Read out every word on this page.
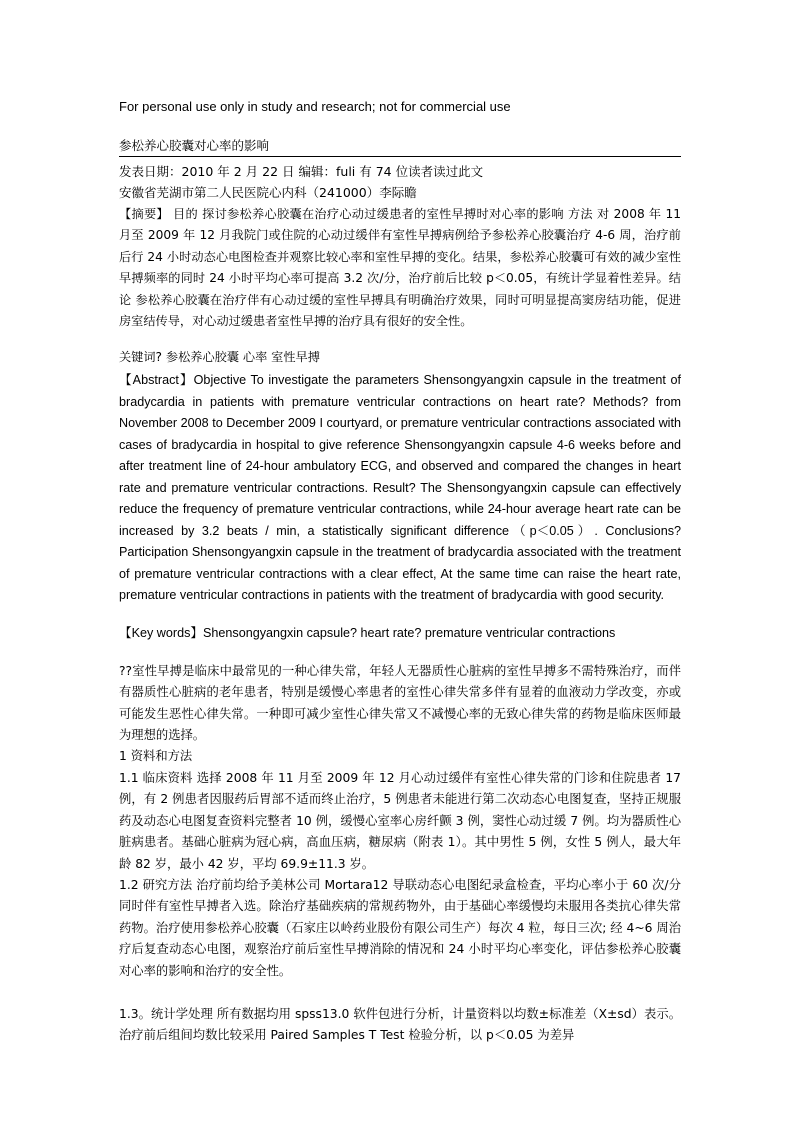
For personal use only in study and research; not for commercial use
参松养心胶囊对心率的影响
发表日期：2010 年 2 月 22 日 编辑：fuli 有 74 位读者读过此文
安徽省芜湖市第二人民医院心内科（241000）李际瞻
【摘要】 目的 探讨参松养心胶囊在治疗心动过缓患者的室性早搏时对心率的影响 方法 对 2008 年 11 月至 2009 年 12 月我院门或住院的心动过缓伴有室性早搏病例给予参松养心胶囊治疗 4-6 周，治疗前后行 24 小时动态心电图检查并观察比较心率和室性早搏的变化。结果，参松养心胶囊可有效的减少室性早搏频率的同时 24 小时平均心率可提高 3.2 次/分，治疗前后比较 p＜0.05，有统计学显着性差异。结论 参松养心胶囊在治疗伴有心动过缓的室性早搏具有明确治疗效果，同时可明显提高窦房结功能，促进房室结传导，对心动过缓患者室性早搏的治疗具有很好的安全性。
关键词? 参松养心胶囊 心率 室性早搏
【Abstract】Objective To investigate the parameters Shensongyangxin capsule in the treatment of bradycardia in patients with premature ventricular contractions on heart rate? Methods? from November 2008 to December 2009 I courtyard, or premature ventricular contractions associated with cases of bradycardia in hospital to give reference Shensongyangxin capsule 4-6 weeks before and after treatment line of 24-hour ambulatory ECG, and observed and compared the changes in heart rate and premature ventricular contractions. Result? The Shensongyangxin capsule can effectively reduce the frequency of premature ventricular contractions, while 24-hour average heart rate can be increased by 3.2 beats / min, a statistically significant difference（p＜0.05）. Conclusions? Participation Shensongyangxin capsule in the treatment of bradycardia associated with the treatment of premature ventricular contractions with a clear effect, At the same time can raise the heart rate, premature ventricular contractions in patients with the treatment of bradycardia with good security.
【Key words】Shensongyangxin capsule? heart rate? premature ventricular contractions
??室性早搏是临床中最常见的一种心律失常，年轻人无器质性心脏病的室性早搏多不需特殊治疗，而伴有器质性心脏病的老年患者，特别是缓慢心率患者的室性心律失常多伴有显着的血液动力学改变，亦或可能发生恶性心律失常。一种即可减少室性心律失常又不减慢心率的无致心律失常的药物是临床医师最为理想的选择。
1 资料和方法
1.1 临床资料 选择 2008 年 11 月至 2009 年 12 月心动过缓伴有室性心律失常的门诊和住院患者 17 例，有 2 例患者因服药后胃部不适而终止治疗，5 例患者未能进行第二次动态心电图复查，坚持正规服药及动态心电图复查资料完整者 10 例，缓慢心室率心房纤颤 3 例，窦性心动过缓 7 例。均为器质性心脏病患者。基础心脏病为冠心病，高血压病，糖尿病（附表 1）。其中男性 5 例，女性 5 例人，最大年龄 82 岁，最小 42 岁，平均 69.9±11.3 岁。
1.2 研究方法 治疗前均给予美林公司 Mortara12 导联动态心电图纪录盒检查，平均心率小于 60 次/分 同时伴有室性早搏者入选。除治疗基础疾病的常规药物外，由于基础心率缓慢均未服用各类抗心律失常药物。治疗使用参松养心胶囊（石家庄以岭药业股份有限公司生产）每次 4 粒，每日三次; 经 4~6 周治疗后复查动态心电图，观察治疗前后室性早搏消除的情况和 24 小时平均心率变化，评估参松养心胶囊对心率的影响和治疗的安全性。
1.3。统计学处理 所有数据均用 spss13.0 软件包进行分析，计量资料以均数±标准差（X±sd）表示。治疗前后组间均数比较采用 Paired Samples T Test 检验分析，以 p＜0.05 为差异
